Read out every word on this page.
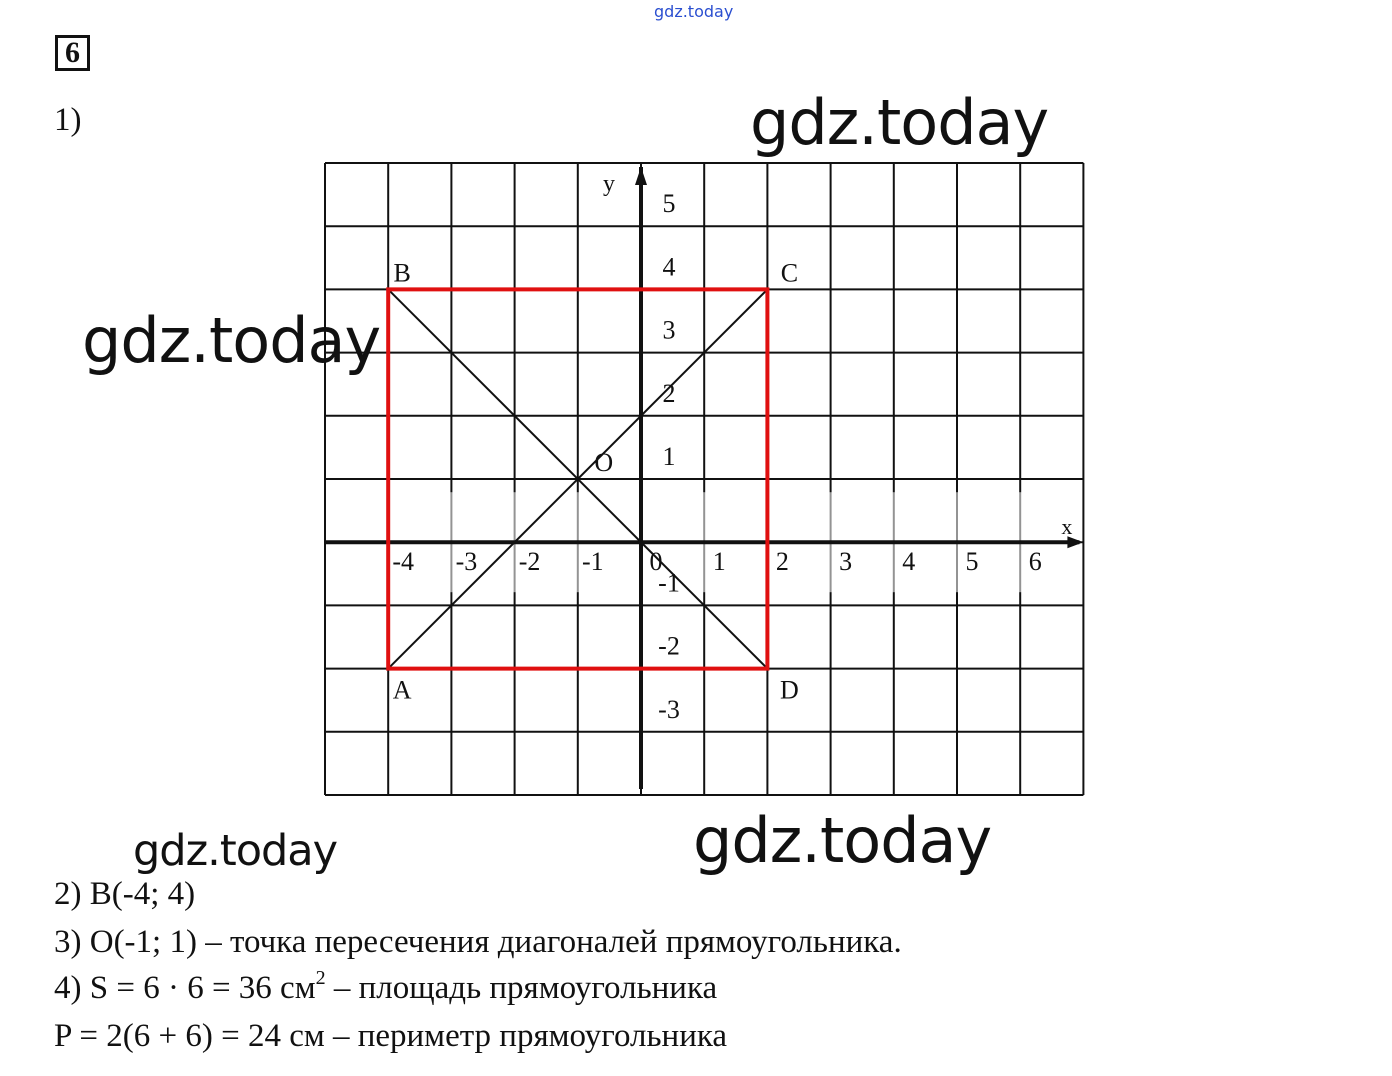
gdz.today
6
1)
-4 -3 -2 -1 0 1 2 3 4 5 6
5
4
3
2
1
-1
-2
-3
x
y
A
B	C
D
O
gdz.today
gdz.today
gdz.today	gdz.today
2) B(-4; 4)
3) O(-1; 1) – точка пересечения диагоналей прямоугольника.
4) S = 6 · 6 = 36 $см^2$ – площадь прямоугольника
P = 2(6 + 6) = 24 см – периметр прямоугольника
